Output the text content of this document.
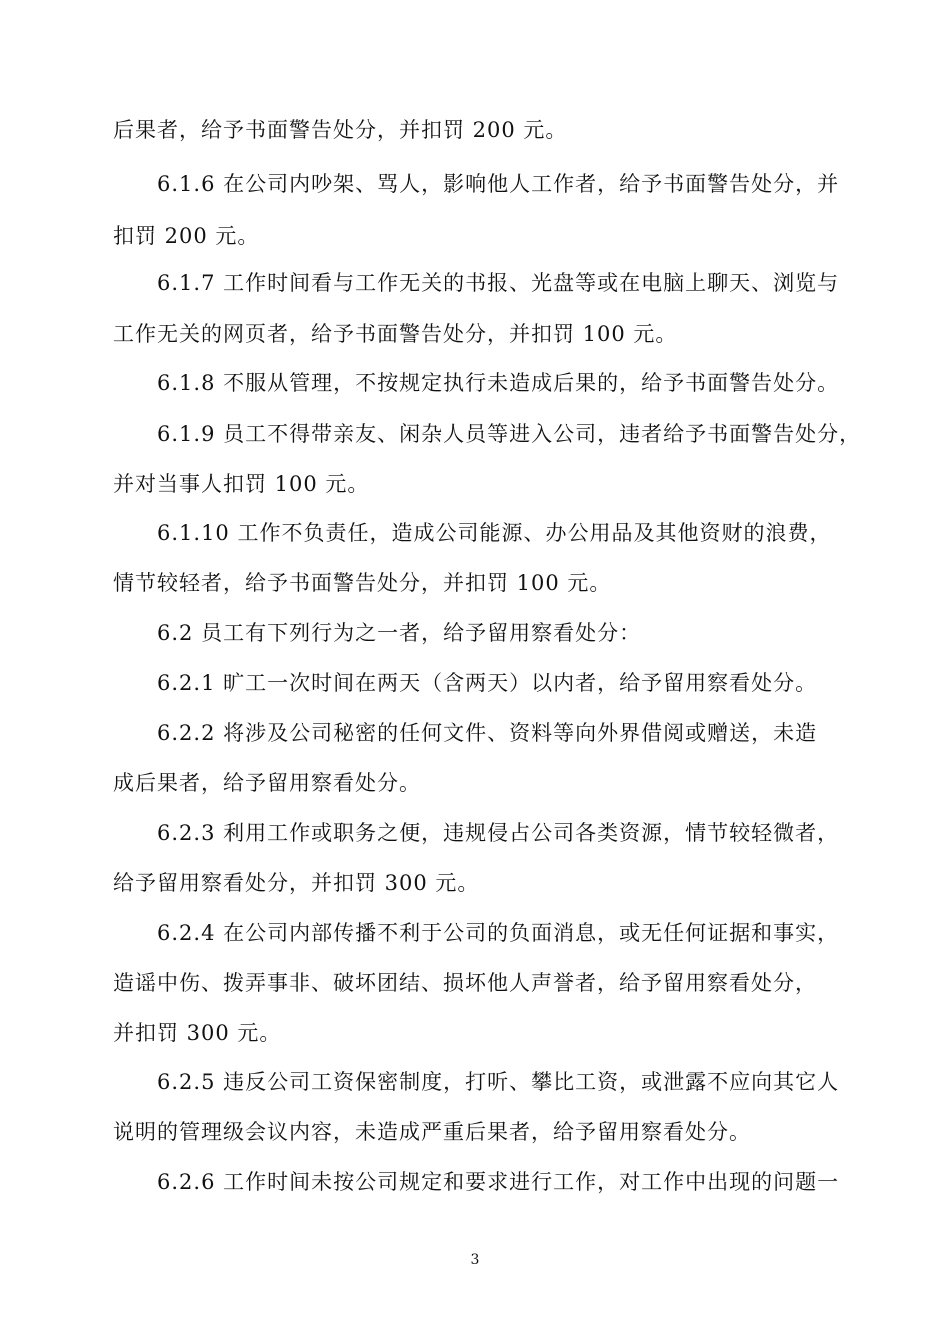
后果者，给予书面警告处分，并扣罚 200 元。
6.1.6 在公司内吵架、骂人，影响他人工作者，给予书面警告处分，并
扣罚 200 元。
6.1.7 工作时间看与工作无关的书报、光盘等或在电脑上聊天、浏览与
工作无关的网页者，给予书面警告处分，并扣罚 100 元。
6.1.8 不服从管理，不按规定执行未造成后果的，给予书面警告处分。
6.1.9 员工不得带亲友、闲杂人员等进入公司，违者给予书面警告处分，
并对当事人扣罚 100 元。
6.1.10 工作不负责任，造成公司能源、办公用品及其他资财的浪费，
情节较轻者，给予书面警告处分，并扣罚 100 元。
6.2 员工有下列行为之一者，给予留用察看处分：
6.2.1 旷工一次时间在两天（含两天）以内者，给予留用察看处分。
6.2.2 将涉及公司秘密的任何文件、资料等向外界借阅或赠送，未造
成后果者，给予留用察看处分。
6.2.3 利用工作或职务之便，违规侵占公司各类资源，情节较轻微者，
给予留用察看处分，并扣罚 300 元。
6.2.4 在公司内部传播不利于公司的负面消息，或无任何证据和事实，
造谣中伤、拨弄事非、破坏团结、损坏他人声誉者，给予留用察看处分，
并扣罚 300 元。
6.2.5 违反公司工资保密制度，打听、攀比工资，或泄露不应向其它人
说明的管理级会议内容，未造成严重后果者，给予留用察看处分。
6.2.6 工作时间未按公司规定和要求进行工作，对工作中出现的问题一
3
